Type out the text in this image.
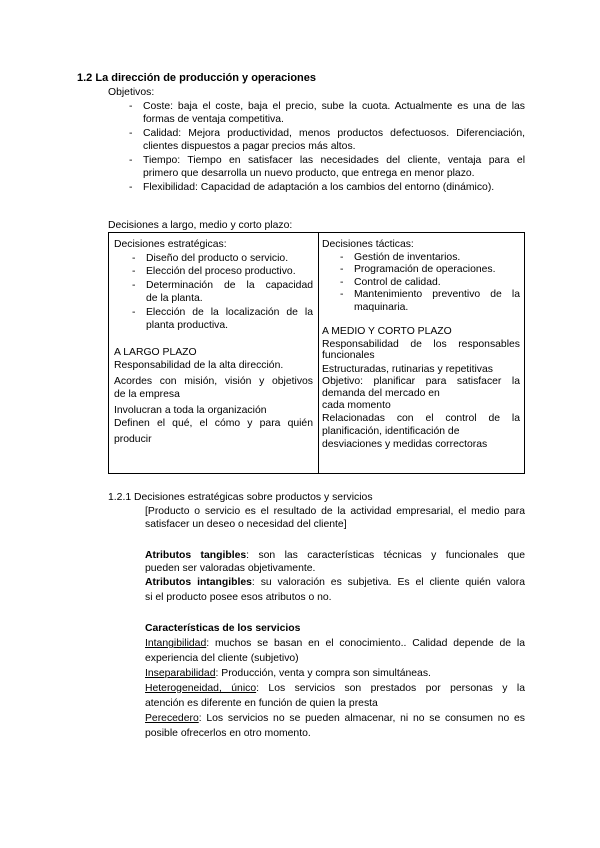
1.2 La dirección de producción y operaciones
Objetivos:
- Coste: baja el coste, baja el precio, sube la cuota. Actualmente es una de las
formas de ventaja competitiva.
- Calidad: Mejora productividad, menos productos defectuosos. Diferenciación,
clientes dispuestos a pagar precios más altos.
- Tiempo: Tiempo en satisfacer las necesidades del cliente, ventaja para el
primero que desarrolla un nuevo producto, que entrega en menor plazo.
- Flexibilidad: Capacidad de adaptación a los cambios del entorno (dinámico).
Decisiones a largo, medio y corto plazo:
Decisiones estratégicas:
- Diseño del producto o servicio.
- Elección del proceso productivo.
- Determinación de la capacidad
de la planta.
- Elección de la localización de la
planta productiva.
A LARGO PLAZO
Responsabilidad de la alta dirección.
Acordes con misión, visión y objetivos
de la empresa
Involucran a toda la organización
Definen el qué, el cómo y para quién
producir
Decisiones tácticas:
- Gestión de inventarios.
- Programación de operaciones.
- Control de calidad.
- Mantenimiento preventivo de la
maquinaria.
A MEDIO Y CORTO PLAZO
Responsabilidad de los responsables
funcionales
Estructuradas, rutinarias y repetitivas
Objetivo: planificar para satisfacer la
demanda del mercado en
cada momento
Relacionadas con el control de la
planificación, identificación de
desviaciones y medidas correctoras
1.2.1 Decisiones estratégicas sobre productos y servicios
[Producto o servicio es el resultado de la actividad empresarial, el medio para
satisfacer un deseo o necesidad del cliente]
Atributos tangibles: son las características técnicas y funcionales que
pueden ser valoradas objetivamente.
Atributos intangibles: su valoración es subjetiva. Es el cliente quién valora
si el producto posee esos atributos o no.
Características de los servicios
Intangibilidad: muchos se basan en el conocimiento.. Calidad depende de la
experiencia del cliente (subjetivo)
Inseparabilidad: Producción, venta y compra son simultáneas.
Heterogeneidad, único: Los servicios son prestados por personas y la
atención es diferente en función de quien la presta
Perecedero: Los servicios no se pueden almacenar, ni no se consumen no es
posible ofrecerlos en otro momento.
